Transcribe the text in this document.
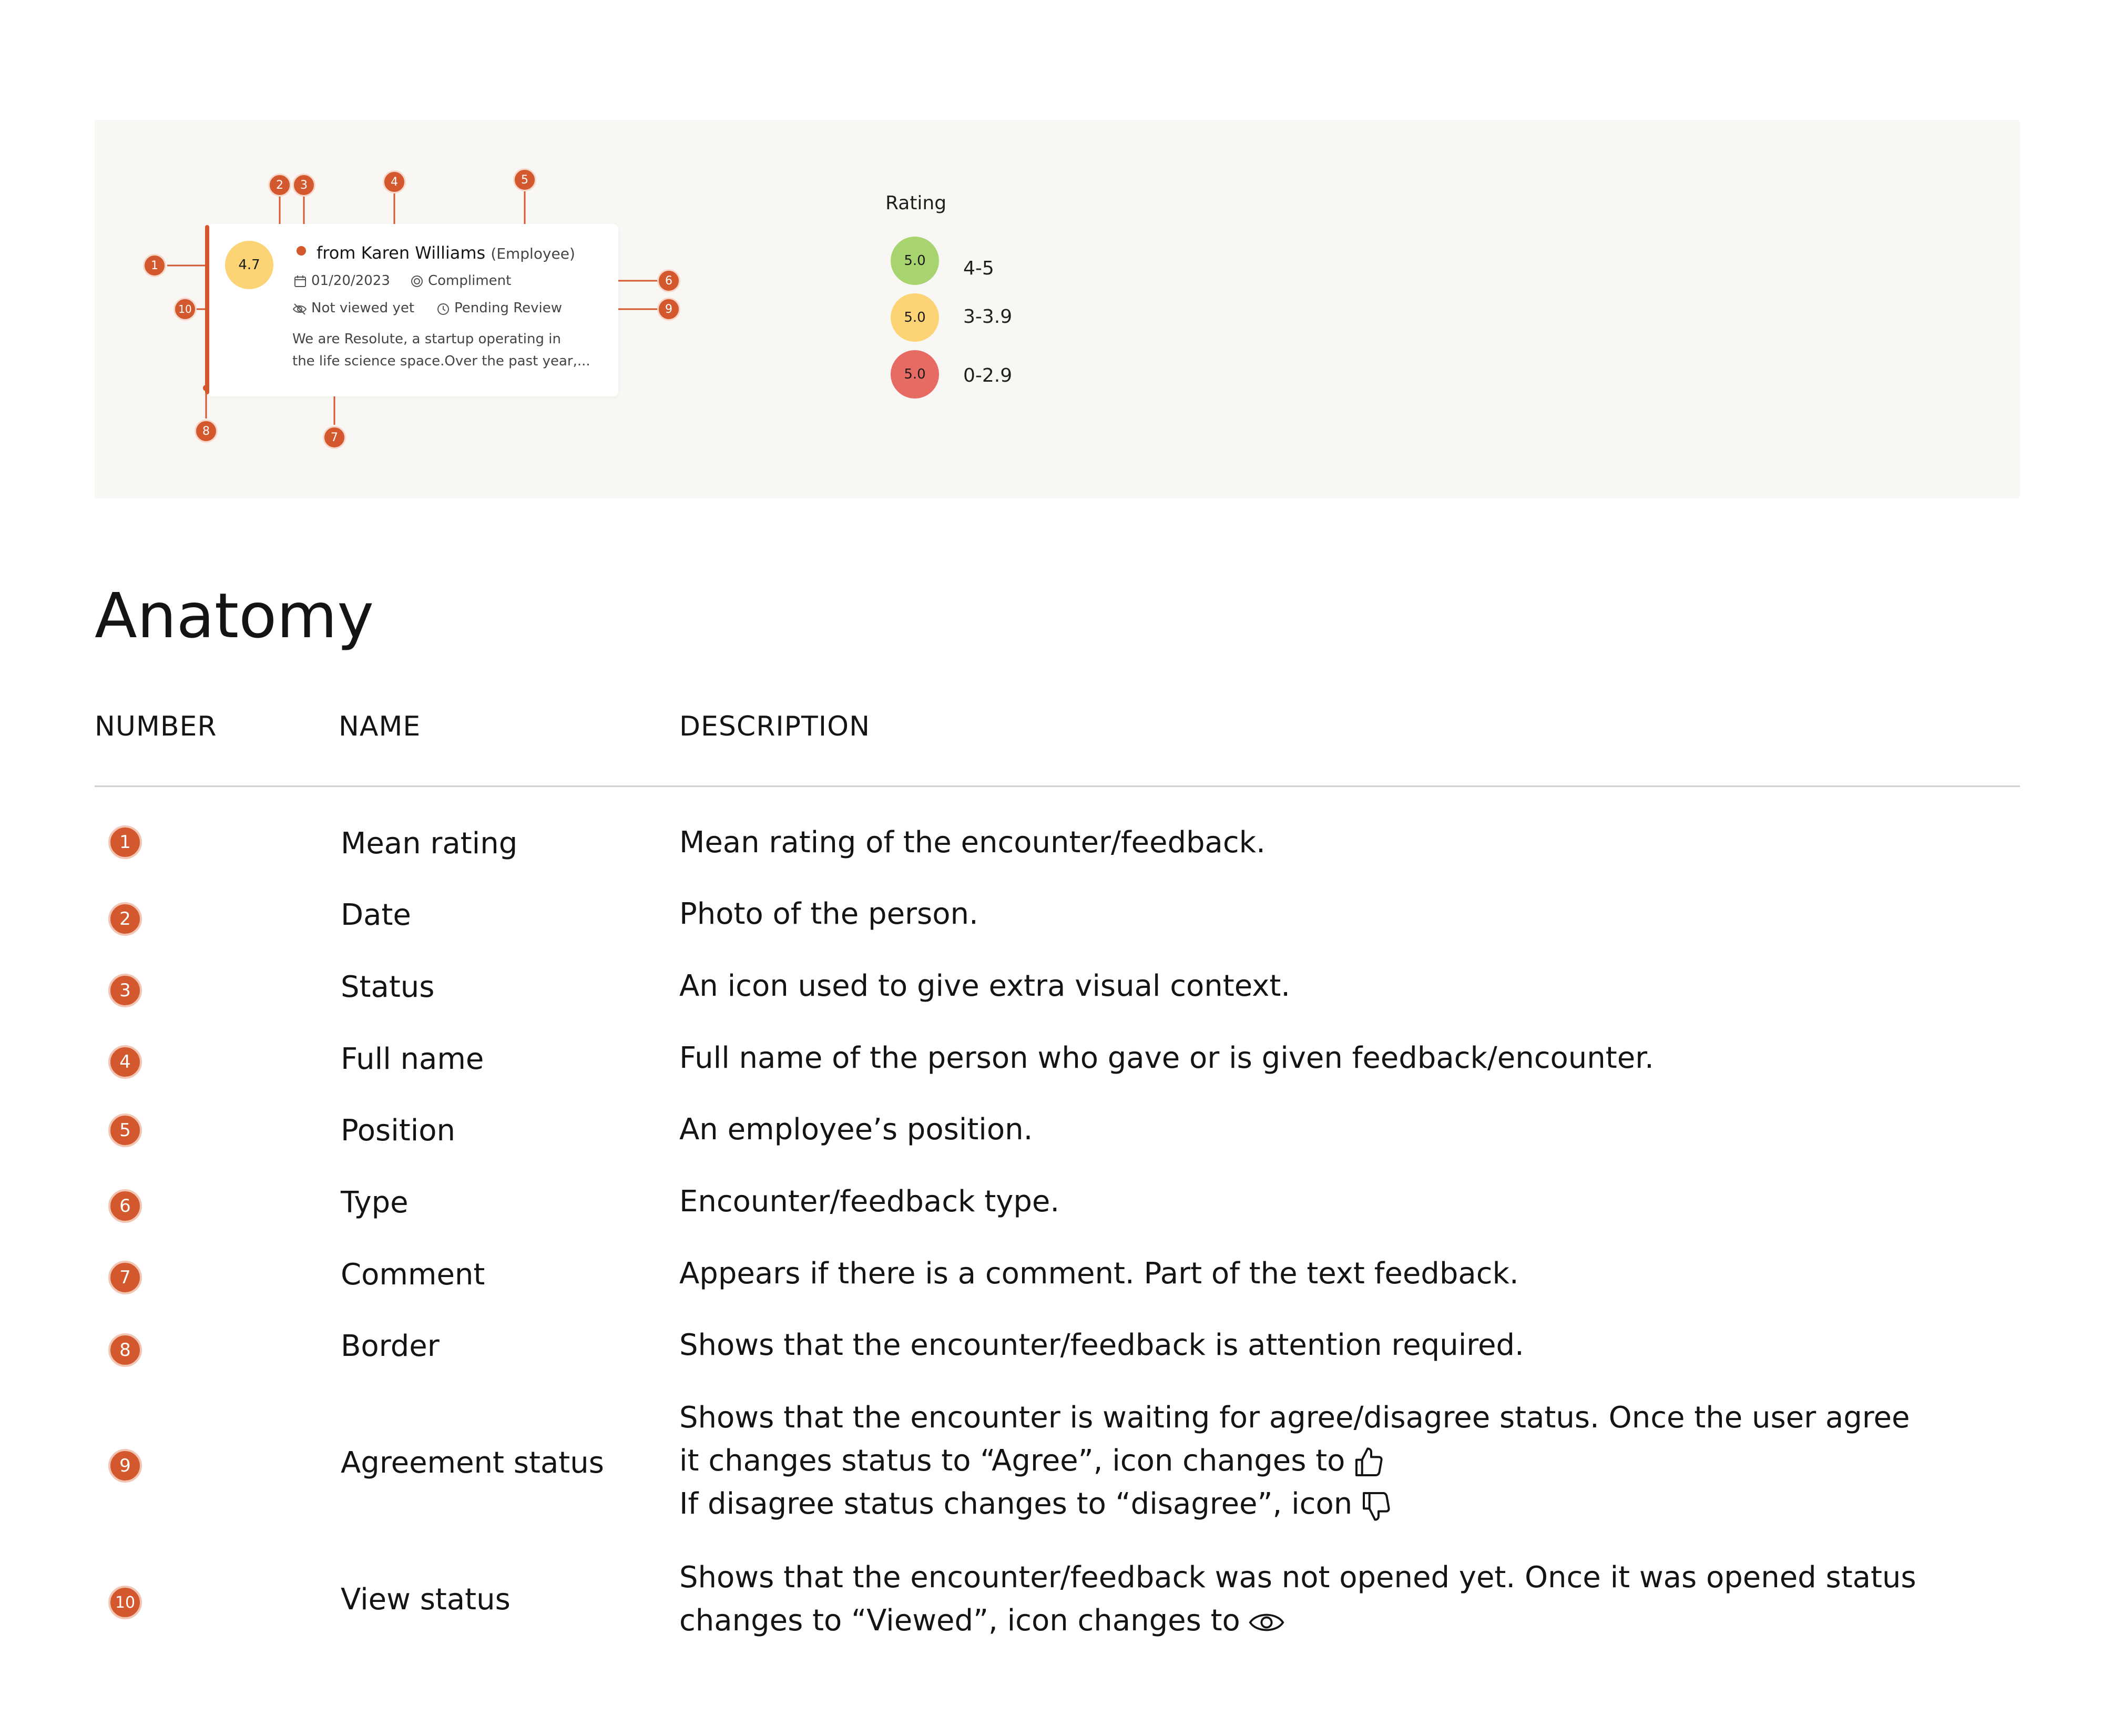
4.7
from Karen Williams (Employee)
01/20/2023	Compliment
Not viewed yet	Pending Review
We are Resolute, a startup operating in
the life science space.Over the past year,...
1
2	3	4	5
6
7
8
9
10
Rating
5.0 4-5
5.0 3-3.9
5.0 0-2.9
Anatomy
NUMBER	NAME	DESCRIPTION
1	Mean rating	Mean rating of the encounter/feedback.
2	Date	Photo of the person.
3	Status	An icon used to give extra visual context.
4	Full name	Full name of the person who gave or is given feedback/encounter.
5	Position	An employee’s position.
6	Type	Encounter/feedback type.
7	Comment	Appears if there is a comment. Part of the text feedback.
8	Border	Shows that the encounter/feedback is attention required.
9	Agreement status
Shows that the encounter is waiting for agree/disagree status. Once the user agree
it changes status to “Agree”, icon changes to
If disagree status changes to “disagree”, icon
10	View status
Shows that the encounter/feedback was not opened yet. Once it was opened status
changes to “Viewed”, icon changes to
